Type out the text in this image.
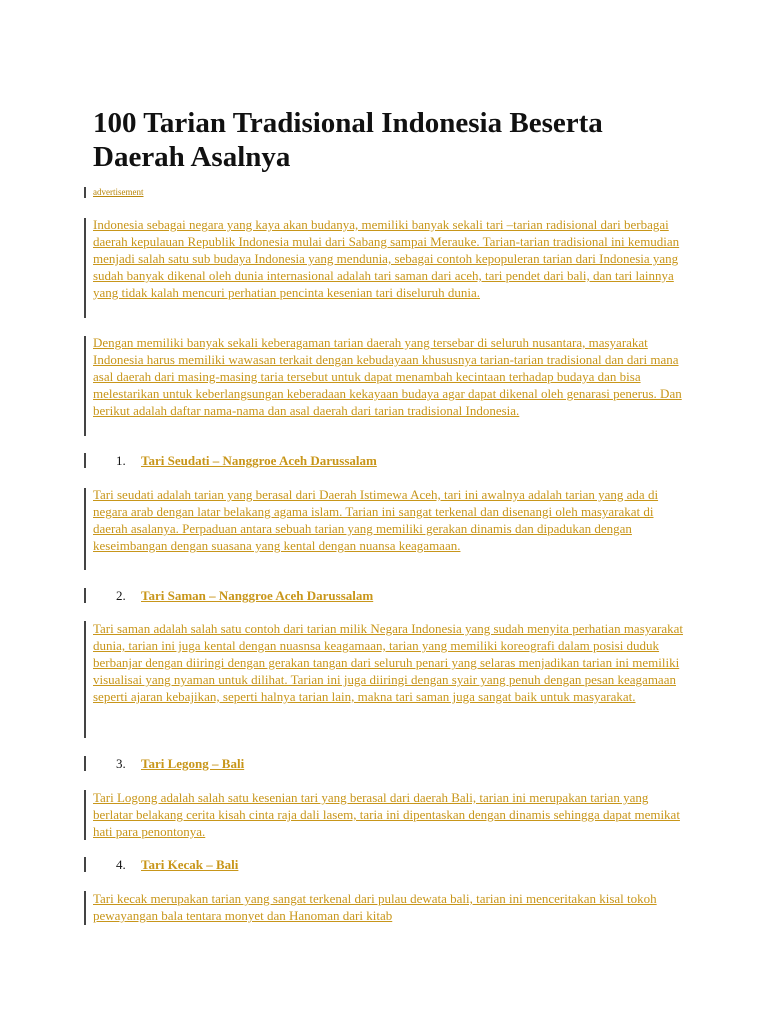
100 Tarian Tradisional Indonesia Beserta Daerah Asalnya
advertisement

Indonesia sebagai negara yang kaya akan budanya, memiliki banyak sekali tari –tarian radisional dari berbagai daerah kepulauan Republik Indonesia mulai dari Sabang sampai Merauke. Tarian-tarian tradisional ini kemudian menjadi salah satu sub budaya Indonesia yang mendunia, sebagai contoh kepopuleran tarian dari Indonesia yang sudah banyak dikenal oleh dunia internasional adalah tari saman dari aceh, tari pendet dari bali, dan tari lainnya yang tidak kalah mencuri perhatian pencinta kesenian tari diseluruh dunia.

Dengan memiliki banyak sekali keberagaman tarian daerah yang tersebar di seluruh nusantara, masyarakat Indonesia harus memiliki wawasan terkait dengan kebudayaan khususnya tarian-tarian tradisional dan dari mana asal daerah dari masing-masing taria tersebut untuk dapat menambah kecintaan terhadap budaya dan bisa melestarikan untuk keberlangsungan keberadaan kekayaan budaya agar dapat dikenal oleh genarasi penerus. Dan berikut adalah daftar nama-nama dan asal daerah dari tarian tradisional Indonesia.

1. Tari Seudati – Nanggroe Aceh Darussalam

Tari seudati adalah tarian yang berasal dari Daerah Istimewa Aceh, tari ini awalnya adalah tarian yang ada di negara arab dengan latar belakang agama islam. Tarian ini sangat terkenal dan disenangi oleh masyarakat di daerah asalanya. Perpaduan antara sebuah tarian yang memiliki gerakan dinamis dan dipadukan dengan keseimbangan dengan suasana yang kental dengan nuansa keagamaan.

2. Tari Saman – Nanggroe Aceh Darussalam

Tari saman adalah salah satu contoh dari tarian milik Negara Indonesia yang sudah menyita perhatian masyarakat dunia, tarian ini juga kental dengan nuasnsa keagamaan, tarian yang memiliki koreografi dalam posisi duduk berbanjar dengan diiringi dengan gerakan tangan dari seluruh penari yang selaras menjadikan tarian ini memiliki visualisai yang nyaman untuk dilihat. Tarian ini juga diiringi dengan syair yang penuh dengan pesan keagamaan seperti ajaran kebajikan, seperti halnya tarian lain, makna tari saman juga sangat baik untuk masyarakat.

3. Tari Legong – Bali

Tari Logong adalah salah satu kesenian tari yang berasal dari daerah Bali, tarian ini merupakan tarian yang berlatar belakang cerita kisah cinta raja dali lasem, taria ini dipentaskan dengan dinamis sehingga dapat memikat hati para penontonya.

4. Tari Kecak – Bali

Tari kecak merupakan tarian yang sangat terkenal dari pulau dewata bali, tarian ini menceritakan kisal tokoh pewayangan bala tentara monyet dan Hanoman dari kitab
